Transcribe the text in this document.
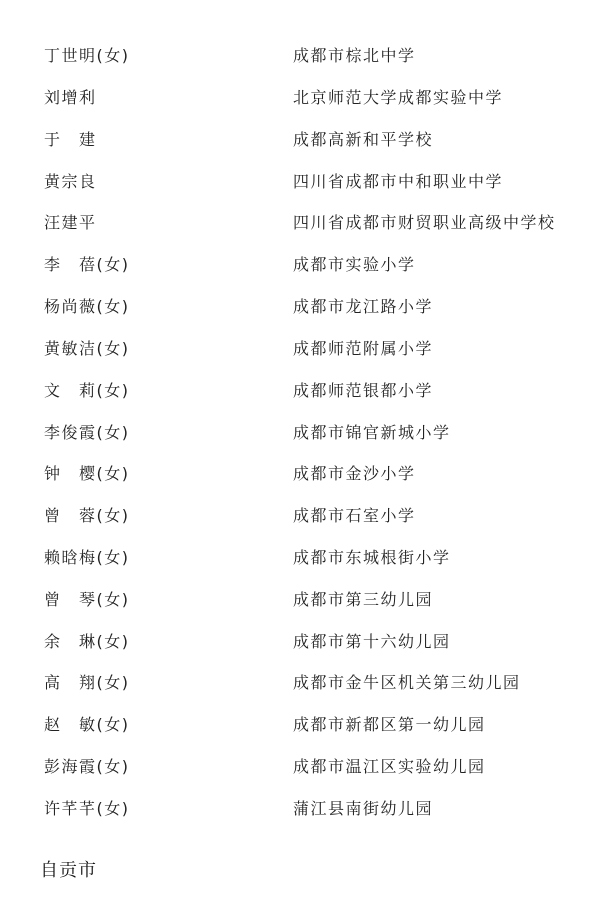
丁世明(女)	成都市棕北中学
刘增利	北京师范大学成都实验中学
于　建	成都高新和平学校
黄宗良	四川省成都市中和职业中学
汪建平	四川省成都市财贸职业高级中学校
李　蓓(女)	成都市实验小学
杨尚薇(女)	成都市龙江路小学
黄敏洁(女)	成都师范附属小学
文　莉(女)	成都师范银都小学
李俊霞(女)	成都市锦官新城小学
钟　樱(女)	成都市金沙小学
曾　蓉(女)	成都市石室小学
赖晗梅(女)	成都市东城根街小学
曾　琴(女)	成都市第三幼儿园
余　琳(女)	成都市第十六幼儿园
高　翔(女)	成都市金牛区机关第三幼儿园
赵　敏(女)	成都市新都区第一幼儿园
彭海霞(女)	成都市温江区实验幼儿园
许芊芊(女)	蒲江县南街幼儿园
自贡市
